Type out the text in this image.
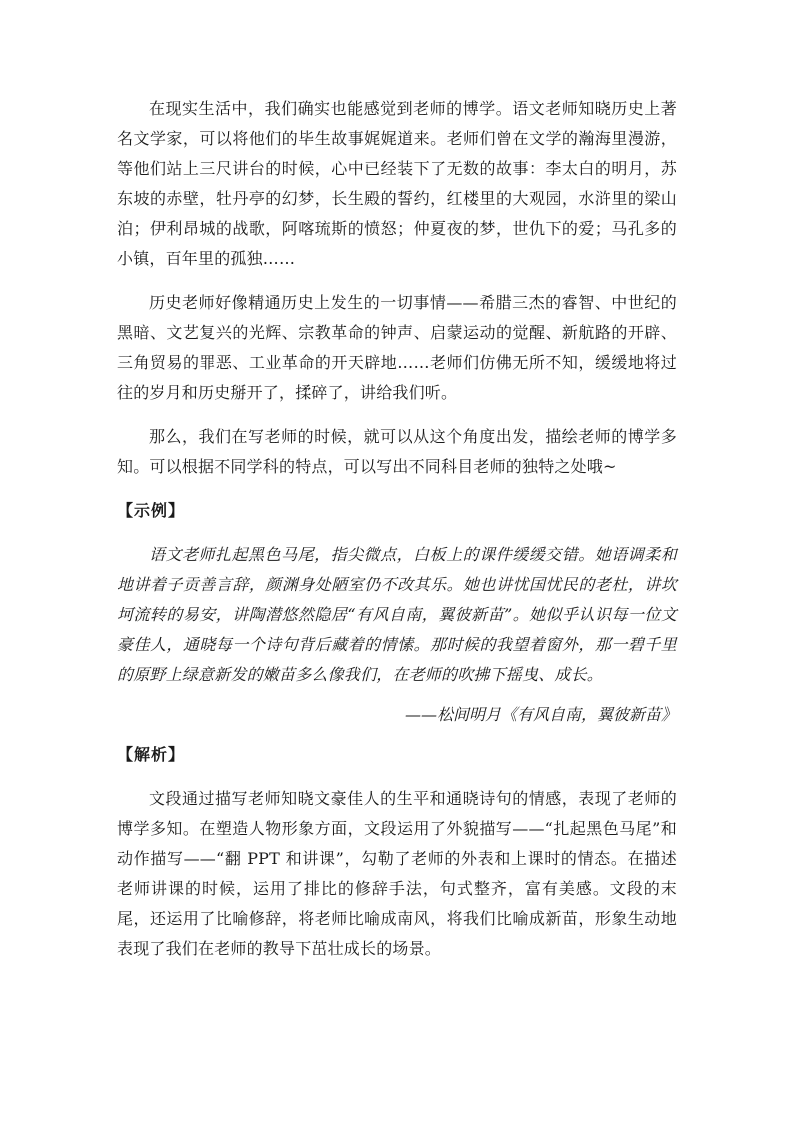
在现实生活中，我们确实也能感觉到老师的博学。语文老师知晓历史上著名文学家，可以将他们的毕生故事娓娓道来。老师们曾在文学的瀚海里漫游，等他们站上三尺讲台的时候，心中已经装下了无数的故事：李太白的明月，苏东坡的赤壁，牡丹亭的幻梦，长生殿的誓约，红楼里的大观园，水浒里的梁山泊；伊利昂城的战歌，阿喀琉斯的愤怒；仲夏夜的梦，世仇下的爱；马孔多的小镇，百年里的孤独……

历史老师好像精通历史上发生的一切事情——希腊三杰的睿智、中世纪的黑暗、文艺复兴的光辉、宗教革命的钟声、启蒙运动的觉醒、新航路的开辟、三角贸易的罪恶、工业革命的开天辟地……老师们仿佛无所不知，缓缓地将过往的岁月和历史掰开了，揉碎了，讲给我们听。

那么，我们在写老师的时候，就可以从这个角度出发，描绘老师的博学多知。可以根据不同学科的特点，可以写出不同科目老师的独特之处哦~

【示例】

语文老师扎起黑色马尾，指尖微点，白板上的课件缓缓交错。她语调柔和地讲着子贡善言辞，颜渊身处陋室仍不改其乐。她也讲忧国忧民的老杜，讲坎坷流转的易安，讲陶潜悠然隐居“有风自南，翼彼新苗”。她似乎认识每一位文豪佳人，通晓每一个诗句背后藏着的情愫。那时候的我望着窗外，那一碧千里的原野上绿意新发的嫩苗多么像我们，在老师的吹拂下摇曳、成长。

——松间明月《有风自南，翼彼新苗》

【解析】

文段通过描写老师知晓文豪佳人的生平和通晓诗句的情感，表现了老师的博学多知。在塑造人物形象方面，文段运用了外貌描写——“扎起黑色马尾”和动作描写——“翻 PPT 和讲课”，勾勒了老师的外表和上课时的情态。在描述老师讲课的时候，运用了排比的修辞手法，句式整齐，富有美感。文段的末尾，还运用了比喻修辞，将老师比喻成南风，将我们比喻成新苗，形象生动地表现了我们在老师的教导下茁壮成长的场景。
